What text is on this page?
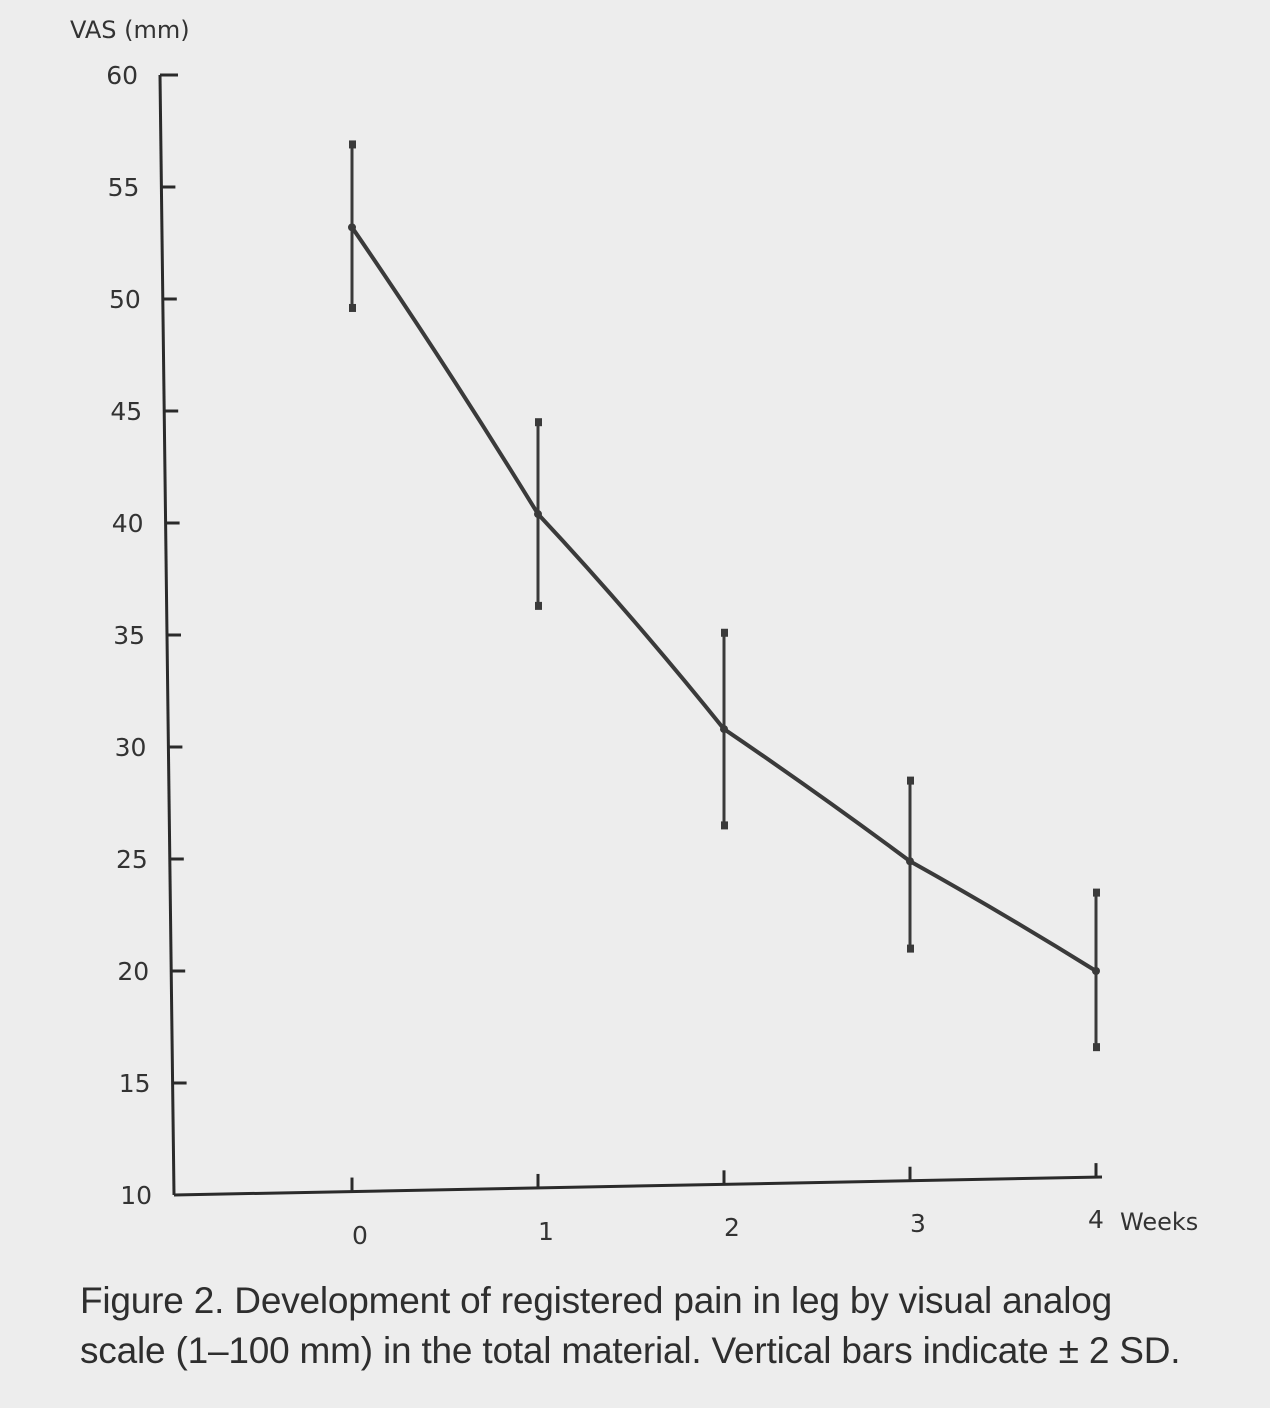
VAS (mm)
10
15
20
25
30
35
40
45
50
55
60
0	1	2	3	4 Weeks
Figure 2. Development of registered pain in leg by visual analog
scale (1–100 mm) in the total material. Vertical bars indicate ± 2 SD.
